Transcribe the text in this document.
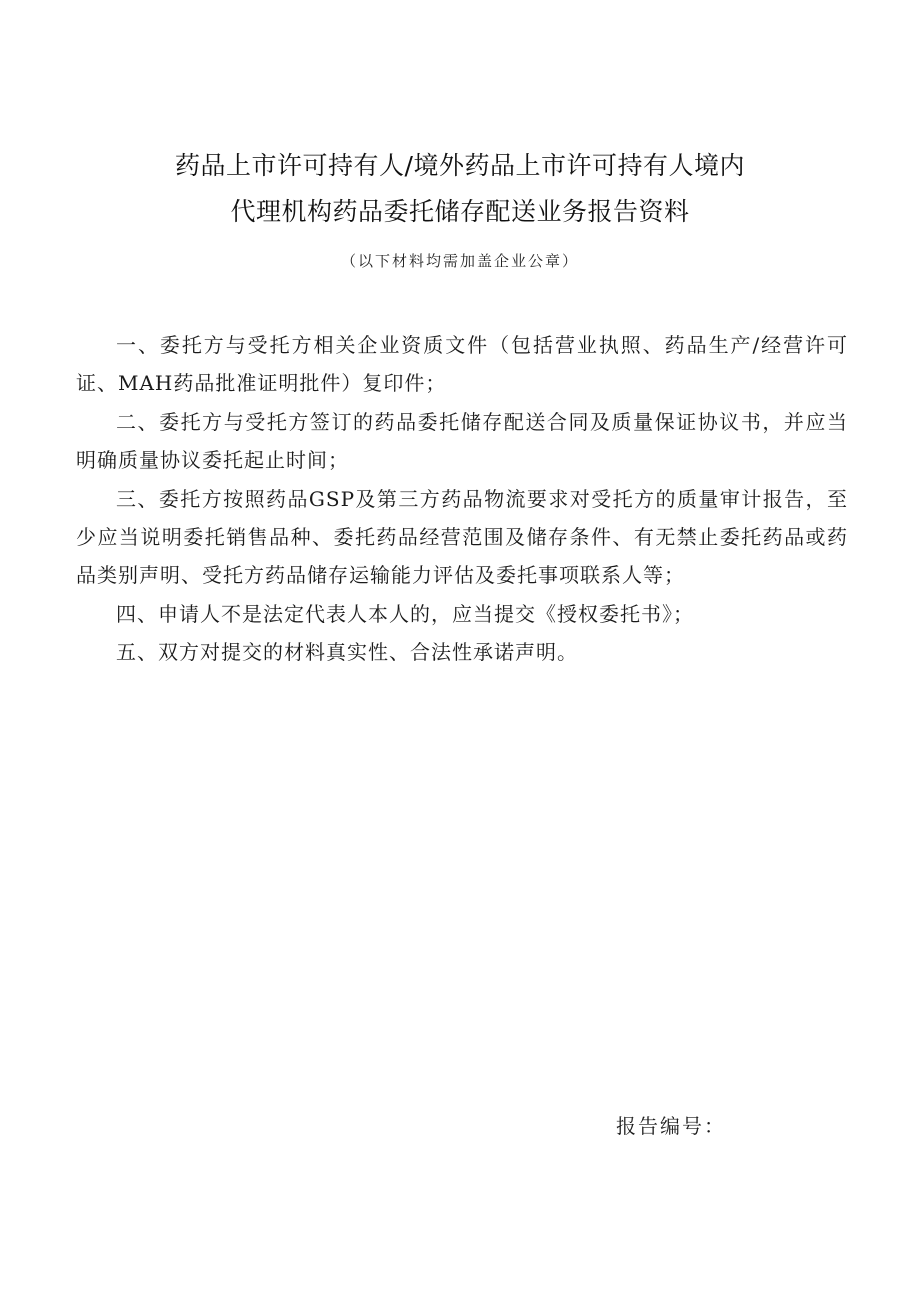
药品上市许可持有人/境外药品上市许可持有人境内
代理机构药品委托储存配送业务报告资料
（以下材料均需加盖企业公章）

一、委托方与受托方相关企业资质文件（包括营业执照、药品生产/经营许可证、MAH药品批准证明批件）复印件；

二、委托方与受托方签订的药品委托储存配送合同及质量保证协议书，并应当明确质量协议委托起止时间；

三、委托方按照药品GSP及第三方药品物流要求对受托方的质量审计报告，至少应当说明委托销售品种、委托药品经营范围及储存条件、有无禁止委托药品或药品类别声明、受托方药品储存运输能力评估及委托事项联系人等；

四、申请人不是法定代表人本人的，应当提交《授权委托书》；

五、双方对提交的材料真实性、合法性承诺声明。

报告编号：
